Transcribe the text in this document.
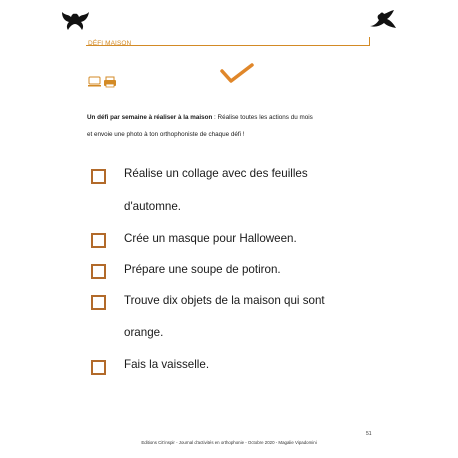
DÉFI MAISON
Un défi par semaine à réaliser à la maison : Réalise toutes les actions du mois
et envoie une photo à ton orthophoniste de chaque défi !
Réalise un collage avec des feuilles
d'automne.
Crée un masque pour Halloween.
Prépare une soupe de potiron.
Trouve dix objets de la maison qui sont
orange.
Fais la vaisselle.
51
Editions Cit'inspir - Journal d'activités en orthophonie - Octobre 2020 - Magalie Vipadomini
